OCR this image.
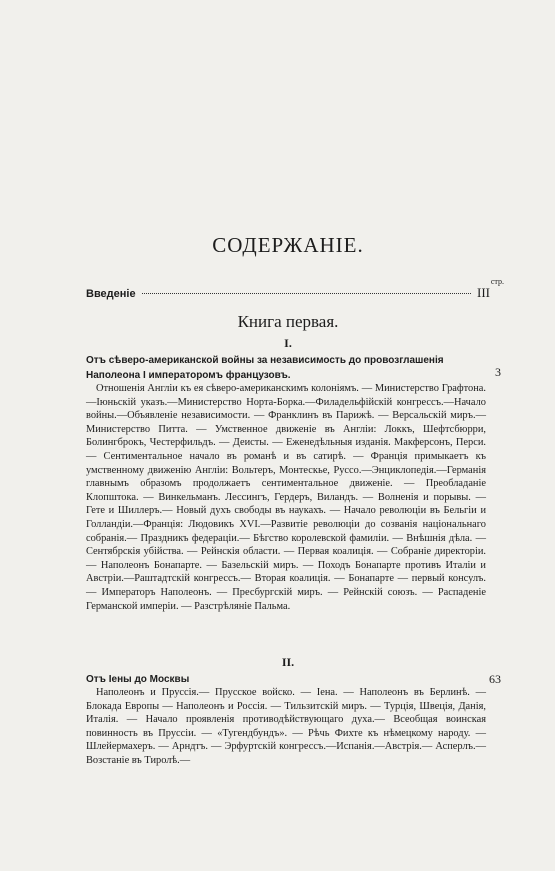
СОДЕРЖАНІЕ.
стр.
Введеніе	III
Книга первая.
I.

Отъ сѣверо-американской войны за независимость до провозглашенія Наполеона I императоромъ французовъ.	3

Отношенія Англіи къ ея сѣверо-американскимъ колоніямъ. — Министерство Графтона.—Іюньскій указъ.—Министерство Норта-Борка.—Филадельфійскій конгрессъ.—Начало войны.—Объявленіе независимости. — Франклинъ въ Парижѣ. — Версальскій миръ.— Министерство Питта. — Умственное движеніе въ Англіи: Локкъ, Шефтсбюрри, Болингброкъ, Честерфильдъ. — Деисты. — Еженедѣльныя изданія. Макферсонъ, Перси. — Сентиментальное начало въ романѣ и въ сатирѣ. — Франція примыкаетъ къ умственному движенію Англіи: Вольтеръ, Монтескье, Руссо.—Энциклопедія.—Германія главнымъ образомъ продолжаетъ сентиментальное движеніе. — Преобладаніе Клопштока. — Винкельманъ. Лессингъ, Гердеръ, Виландъ. — Волненія и порывы. — Гете и Шиллеръ.— Новый духъ свободы въ наукахъ. — Начало революціи въ Бельгіи и Голландіи.—Франція: Людовикъ XVI.—Развитіе революціи до созванія національнаго собранія.— Праздникъ федераціи.— Бѣгство королевской фамиліи. — Внѣшнія дѣла. — Сентябрскія убійства. — Рейнскія области. — Первая коалиція. — Собраніе директоріи. — Наполеонъ Бонапарте. — Базельскій миръ. — Походъ Бонапарте противъ Италіи и Австріи.—Раштадтскій конгрессъ.— Вторая коалиція. — Бонапарте — первый консулъ. — Императоръ Наполеонъ. — Пресбургскій миръ. — Рейнскій союзъ. — Распаденіе Германской имперіи. — Разстрѣляніе Пальма.

II.

Отъ Іены до Москвы	63

Наполеонъ и Пруссія.— Прусское войско. — Іена. — Наполеонъ въ Берлинѣ. — Блокада Европы — Наполеонъ и Россія. — Тильзитскій миръ. — Турція, Швеція, Данія, Италія. — Начало проявленія противодѣйствующаго духа.— Всеобщая воинская повинность въ Пруссіи. — «Тугендбундъ». — Рѣчь Фихте къ нѣмецкому народу. — Шлейермахеръ. — Арндтъ. — Эрфуртскій конгрессъ.—Испанія.—Австрія.— Асперлъ.— Возстаніе въ Тиролѣ.—
